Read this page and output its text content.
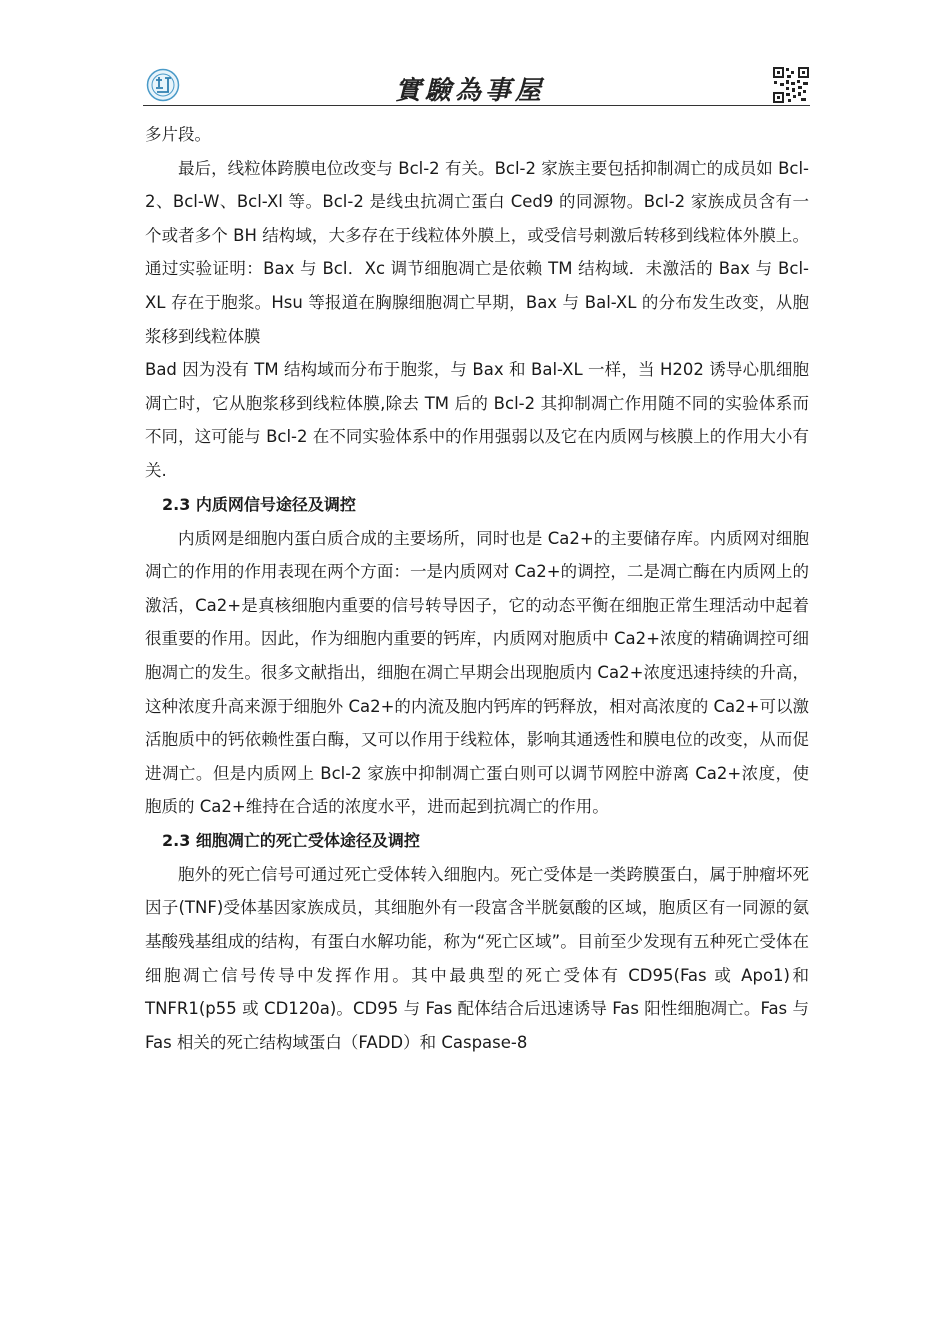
實驗為事屋

多片段。

最后，线粒体跨膜电位改变与 Bcl-2 有关。Bcl-2 家族主要包括抑制凋亡的成员如 Bcl-2、Bcl-W、Bcl-Xl 等。Bcl-2 是线虫抗凋亡蛋白 Ced9 的同源物。Bcl-2 家族成员含有一个或者多个 BH 结构域，大多存在于线粒体外膜上，或受信号刺激后转移到线粒体外膜上。通过实验证明：Bax 与 Bcl．Xc 调节细胞凋亡是依赖 TM 结构域．未激活的 Bax 与 Bcl-XL 存在于胞浆。Hsu 等报道在胸腺细胞凋亡早期，Bax 与 Bal-XL 的分布发生改变，从胞浆移到线粒体膜

Bad 因为没有 TM 结构域而分布于胞浆，与 Bax 和 Bal-XL 一样，当 H202 诱导心肌细胞凋亡时，它从胞浆移到线粒体膜,除去 TM 后的 Bcl-2 其抑制凋亡作用随不同的实验体系而不同，这可能与 Bcl-2 在不同实验体系中的作用强弱以及它在内质网与核膜上的作用大小有关.

2.3 内质网信号途径及调控

内质网是细胞内蛋白质合成的主要场所，同时也是 Ca2+的主要储存库。内质网对细胞凋亡的作用的作用表现在两个方面：一是内质网对 Ca2+的调控，二是凋亡酶在内质网上的激活，Ca2+是真核细胞内重要的信号转导因子，它的动态平衡在细胞正常生理活动中起着很重要的作用。因此，作为细胞内重要的钙库，内质网对胞质中 Ca2+浓度的精确调控可细胞凋亡的发生。很多文献指出，细胞在凋亡早期会出现胞质内 Ca2+浓度迅速持续的升高，这种浓度升高来源于细胞外 Ca2+的内流及胞内钙库的钙释放，相对高浓度的 Ca2+可以激活胞质中的钙依赖性蛋白酶，又可以作用于线粒体，影响其通透性和膜电位的改变，从而促进凋亡。但是内质网上 Bcl-2 家族中抑制凋亡蛋白则可以调节网腔中游离 Ca2+浓度，使胞质的 Ca2+维持在合适的浓度水平，进而起到抗凋亡的作用。

2.3 细胞凋亡的死亡受体途径及调控

胞外的死亡信号可通过死亡受体转入细胞内。死亡受体是一类跨膜蛋白，属于肿瘤坏死因子(TNF)受体基因家族成员，其细胞外有一段富含半胱氨酸的区域，胞质区有一同源的氨基酸残基组成的结构，有蛋白水解功能，称为“死亡区域”。目前至少发现有五种死亡受体在细胞凋亡信号传导中发挥作用。其中最典型的死亡受体有 CD95(Fas 或 Apo1)和 TNFR1(p55 或 CD120a)。CD95 与 Fas 配体结合后迅速诱导 Fas 阳性细胞凋亡。Fas 与 Fas 相关的死亡结构域蛋白（FADD）和 Caspase-8
